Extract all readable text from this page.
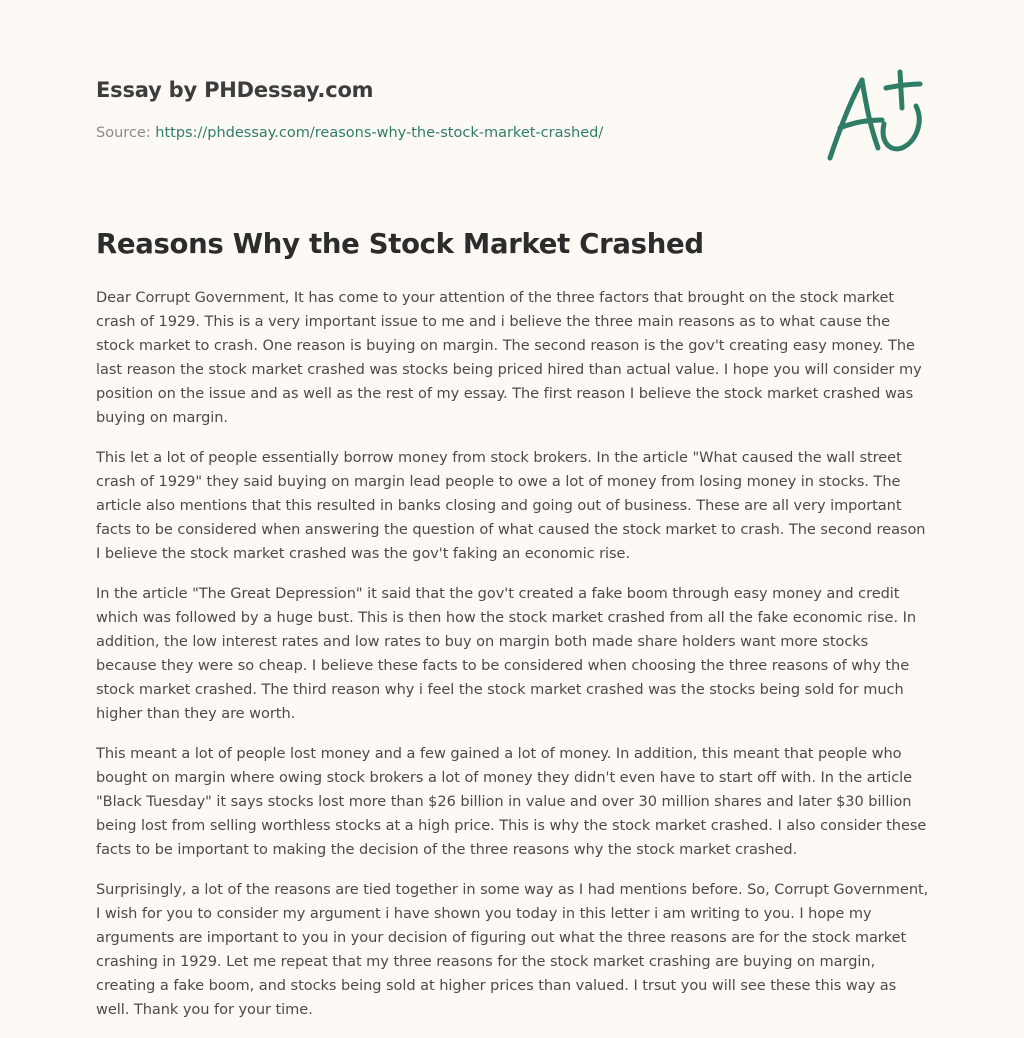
Essay by PHDessay.com
Source: https://phdessay.com/reasons-why-the-stock-market-crashed/
Reasons Why the Stock Market Crashed

Dear Corrupt Government, It has come to your attention of the three factors that brought on the stock market crash of 1929. This is a very important issue to me and i believe the three main reasons as to what cause the stock market to crash. One reason is buying on margin. The second reason is the gov't creating easy money. The last reason the stock market crashed was stocks being priced hired than actual value. I hope you will consider my position on the issue and as well as the rest of my essay. The first reason I believe the stock market crashed was buying on margin.

This let a lot of people essentially borrow money from stock brokers. In the article "What caused the wall street crash of 1929" they said buying on margin lead people to owe a lot of money from losing money in stocks. The article also mentions that this resulted in banks closing and going out of business. These are all very important facts to be considered when answering the question of what caused the stock market to crash. The second reason I believe the stock market crashed was the gov't faking an economic rise.

In the article "The Great Depression" it said that the gov't created a fake boom through easy money and credit which was followed by a huge bust. This is then how the stock market crashed from all the fake economic rise. In addition, the low interest rates and low rates to buy on margin both made share holders want more stocks because they were so cheap. I believe these facts to be considered when choosing the three reasons of why the stock market crashed. The third reason why i feel the stock market crashed was the stocks being sold for much higher than they are worth.

This meant a lot of people lost money and a few gained a lot of money. In addition, this meant that people who bought on margin where owing stock brokers a lot of money they didn't even have to start off with. In the article "Black Tuesday" it says stocks lost more than $26 billion in value and over 30 million shares and later $30 billion being lost from selling worthless stocks at a high price. This is why the stock market crashed. I also consider these facts to be important to making the decision of the three reasons why the stock market crashed.

Surprisingly, a lot of the reasons are tied together in some way as I had mentions before. So, Corrupt Government, I wish for you to consider my argument i have shown you today in this letter i am writing to you. I hope my arguments are important to you in your decision of figuring out what the three reasons are for the stock market crashing in 1929. Let me repeat that my three reasons for the stock market crashing are buying on margin, creating a fake boom, and stocks being sold at higher prices than valued. I trsut you will see these this way as well. Thank you for your time.
